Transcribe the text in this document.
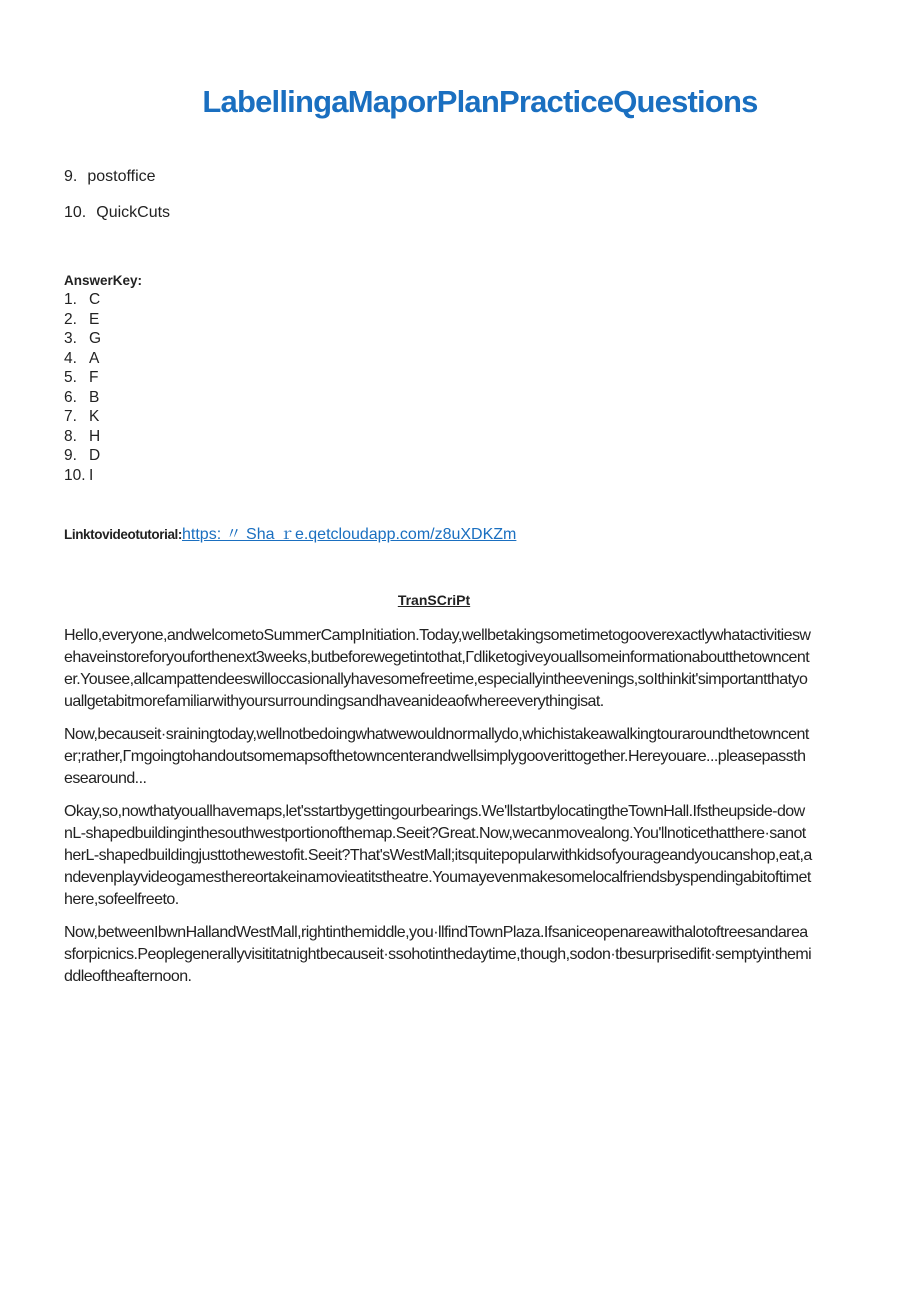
LabellingaMaporPlanPracticeQuestions
9. postoffice
10. QuickCuts
AnswerKey:
1. C
2. E
3. G
4. A
5. F
6. B
7. K
8. H
9. D
10. I
Linktovideotutorial:https: 〃 Sha ｒe.qetcloudapp.com/z8uXDKZm
TranSCriPt

Hello,everyone,andwelcometoSummerCampInitiation.Today,wellbetakingsometimetogooverexactlywhatactivitieswehaveinstoreforyouforthenext3weeks,butbeforewegetintothat,Γdliketogiveyouallsomeinformationaboutthetowncenter.Yousee,allcampattendeeswilloccasionallyhavesomefreetime,especiallyintheevenings,soIthinkit'simportantthatyouallgetabitmorefamiliarwithyoursurroundingsandhaveanideaofwhereeverythingisat.

Now,becauseit·srainingtoday,wellnotbedoingwhatwewouldnormallydo,whichistakeawalkingtouraroundthetowncenter;rather,Γmgoingtohandoutsomemapsofthetowncenterandwellsimplygooverittogether.Hereyouare...pleasepassthesearound...

Okay,so,nowthatyouallhavemaps,let'sstartbygettingourbearings.We'llstartbylocatingtheTownHall.Ifstheupside-downL-shapedbuildinginthesouthwestportionofthemap.Seeit?Great.Now,wecanmovealong.You'llnoticethatthere·sanotherL-shapedbuildingjusttothewestofit.Seeit?That'sWestMall;itsquitepopularwithkidsofyourageandyoucanshop,eat,andevenplayvideogamesthereortakeinamovieatitstheatre.Youmayevenmakesomelocalfriendsbyspendingabitoftimethere,sofeelfreeto.

Now,betweenIbwnHallandWestMall,rightinthemiddle,you·llfindTownPlaza.Ifsaniceopenareawithalotoftreesandareasforpicnics.Peoplegenerallyvisititatnightbecauseit·ssohotinthedaytime,though,sodon·tbesurprisedifit·semptyinthemiddleoftheafternoon.
